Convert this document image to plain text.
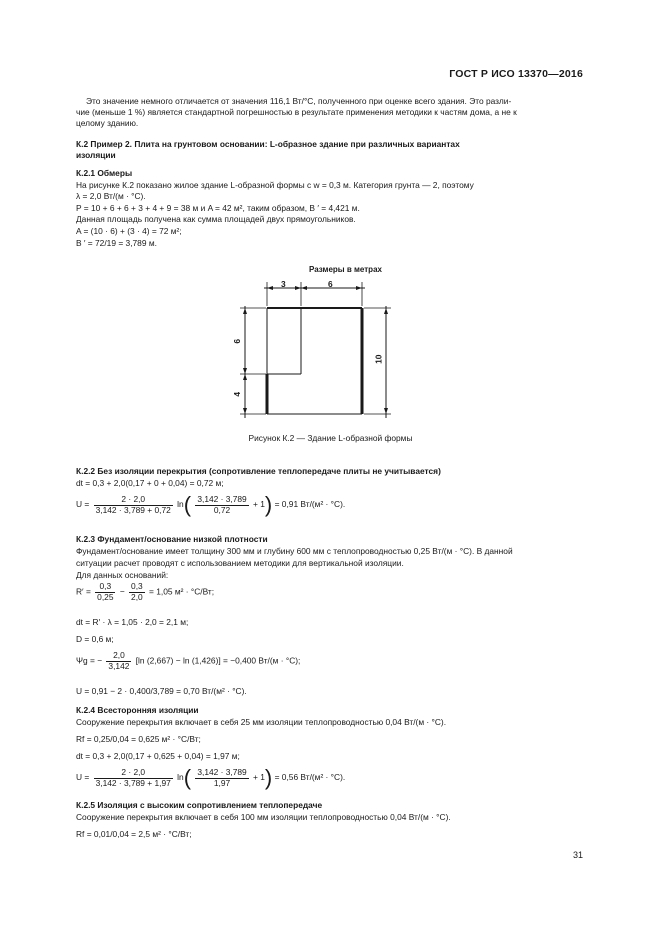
ГОСТ Р ИСО 13370—2016
Это значение немного отличается от значения 116,1 Вт/°С, полученного при оценке всего здания. Это разли-
чие (меньше 1 %) является стандартной погрешностью в результате применения методики к частям дома, а не к
целому зданию.
К.2 Пример 2. Плита на грунтовом основании: L-образное здание при различных вариантах
изоляции
К.2.1 Обмеры
На рисунке К.2 показано жилое здание L-образной формы с w = 0,3 м. Категория грунта — 2, поэтому
λ = 2,0 Вт/(м · °С).
P = 10 + 6 + 6 + 3 + 4 + 9 = 38 м и A = 42 м², таким образом, B ′ = 4,421 м.
Данная площадь получена как сумма площадей двух прямоугольников.
A = (10 · 6) + (3 · 4) = 72 м²;
B ′ = 72/19 = 3,789 м.
Размеры в метрах
3	6
6
4
10
Рисунок К.2 — Здание L-образной формы
К.2.2 Без изоляции перекрытия (сопротивление теплопередаче плиты не учитывается)
dt = 0,3 + 2,0(0,17 + 0 + 0,04) = 0,72 м;
$U = \frac{2 \cdot 2,0}{3,142 \cdot 3,789 + 0,72} \ln( \frac{3,142 \cdot 3,789}{0,72} + 1) = 0,91$ Вт/(м² · °С).
К.2.3 Фундамент/основание низкой плотности
Фундамент/основание имеет толщину 300 мм и глубину 600 мм с теплопроводностью 0,25 Вт/(м · °С). В данной
ситуации расчет проводят с использованием методики для вертикальной изоляции.
Для данных оснований:
$R' = \frac{0,3}{0,25} - \frac{0,3}{2,0} = 1,05$ м² · °С/Вт;
dt = R′ · λ = 1,05 · 2,0 = 2,1 м;
D = 0,6 м;
Ψg = − $\frac{2,0}{3,142} [\ln$ (2,667) − ln (1,426)] = −0,400 Вт/(м · °С);
U = 0,91 − 2 · 0,400/3,789 = 0,70 Вт/(м² · °С).
К.2.4 Всесторонняя изоляции
Сооружение перекрытия включает в себя 25 мм изоляции теплопроводностью 0,04 Вт/(м · °С).
Rf = 0,25/0,04 = 0,625 м² · °С/Вт;
dt = 0,3 + 2,0(0,17 + 0,625 + 0,04) = 1,97 м;
$U = \frac{2 \cdot 2,0}{3,142 \cdot 3,789 + 1,97} \ln( \frac{3,142 \cdot 3,789}{1,97} + 1) = 0,56$ Вт/(м² · °С).
К.2.5 Изоляция с высоким сопротивлением теплопередаче
Сооружение перекрытия включает в себя 100 мм изоляции теплопроводностью 0,04 Вт/(м · °С).
Rf = 0,01/0,04 = 2,5 м² · °С/Вт;
31
